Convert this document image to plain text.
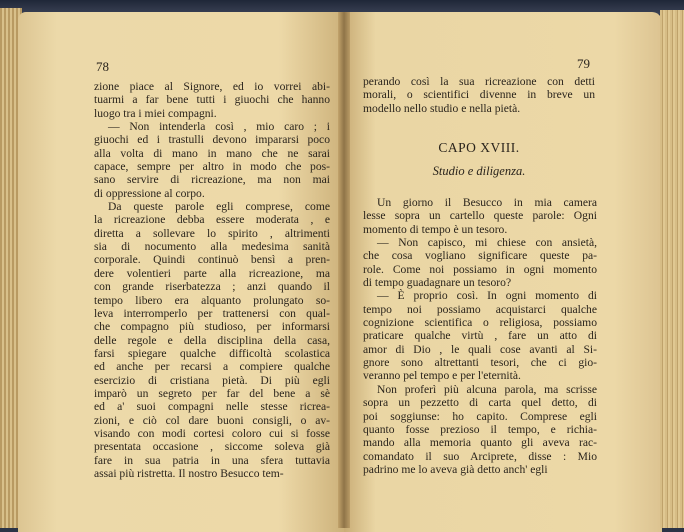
78	79
zione piace al Signore, ed io vorrei abi-
tuarmi a far bene tutti i giuochi che hanno
luogo tra i miei compagni.
— Non intenderla così , mio caro ; i
giuochi ed i trastulli devono impararsi poco
alla volta di mano in mano che ne sarai
capace, sempre per altro in modo che pos-
sano servire di ricreazione, ma non mai
di oppressione al corpo.
Da queste parole egli comprese, come
la ricreazione debba essere moderata , e
diretta a sollevare lo spirito , altrimenti
sia di nocumento alla medesima sanità
corporale. Quindi continuò bensì a pren-
dere volentieri parte alla ricreazione, ma
con grande riserbatezza ; anzi quando il
tempo libero era alquanto prolungato so-
leva interromperlo per trattenersi con qual-
che compagno più studioso, per informarsi
delle regole e della disciplina della casa,
farsi spiegare qualche difficoltà scolastica
ed anche per recarsi a compiere qualche
esercizio di cristiana pietà. Di più egli
imparò un segreto per far del bene a sè
ed a' suoi compagni nelle stesse ricrea-
zioni, e ciò col dare buoni consigli, o av-
visando con modi cortesi coloro cui si fosse
presentata occasione , siccome soleva già
fare in sua patria in una sfera tuttavia
assai più ristretta. Il nostro Besucco tem-
perando così la sua ricreazione con detti
morali, o scientifici divenne in breve un
modello nello studio e nella pietà.
CAPO XVIII.
Studio e diligenza.
Un giorno il Besucco in mia camera
lesse sopra un cartello queste parole: Ogni
momento di tempo è un tesoro.
— Non capisco, mi chiese con ansietà,
che cosa vogliano significare queste pa-
role. Come noi possiamo in ogni momento
di tempo guadagnare un tesoro?
— È proprio così. In ogni momento di
tempo noi possiamo acquistarci qualche
cognizione scientifica o religiosa, possiamo
praticare qualche virtù , fare un atto di
amor di Dio , le quali cose avanti al Si-
gnore sono altrettanti tesori, che ci gio-
veranno pel tempo e per l'eternità.
Non proferì più alcuna parola, ma scrisse
sopra un pezzetto di carta quel detto, di
poi soggiunse: ho capito. Comprese egli
quanto fosse prezioso il tempo, e richia-
mando alla memoria quanto gli aveva rac-
comandato il suo Arciprete, disse : Mio
padrino me lo aveva già detto anch' egli
